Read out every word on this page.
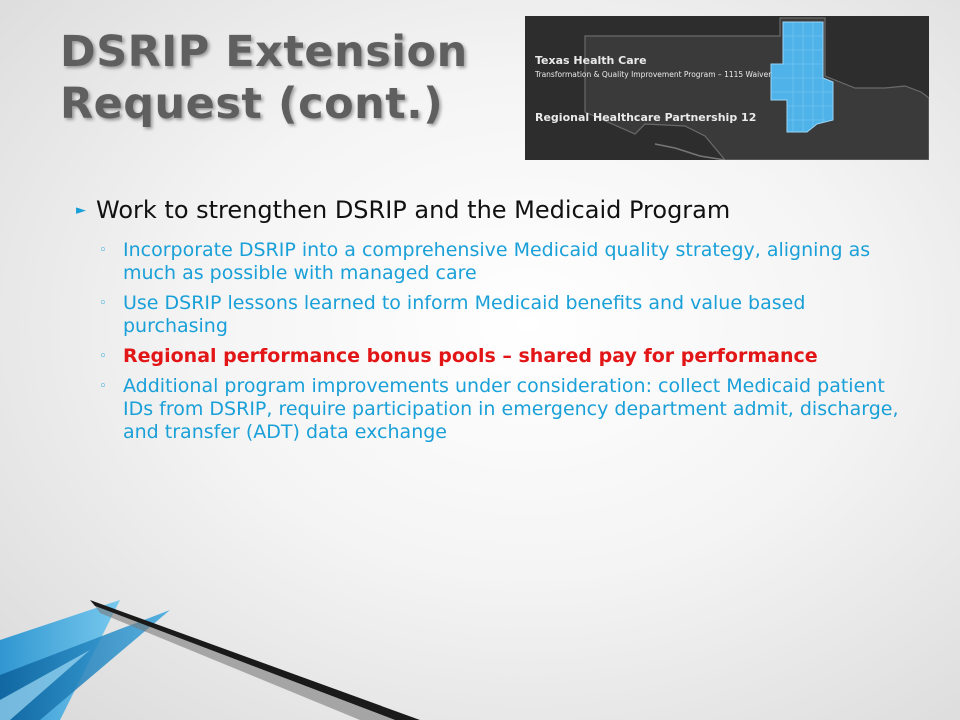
DSRIP Extension
Request (cont.)
Texas Health Care
Transformation & Quality Improvement Program – 1115 Waiver
Regional Healthcare Partnership 12
► Work to strengthen DSRIP and the Medicaid Program
◦ Incorporate DSRIP into a comprehensive Medicaid quality strategy, aligning as much as possible with managed care
◦ Use DSRIP lessons learned to inform Medicaid benefits and value based purchasing
◦ Regional performance bonus pools – shared pay for performance
◦ Additional program improvements under consideration: collect Medicaid patient IDs from DSRIP, require participation in emergency department admit, discharge, and transfer (ADT) data exchange
